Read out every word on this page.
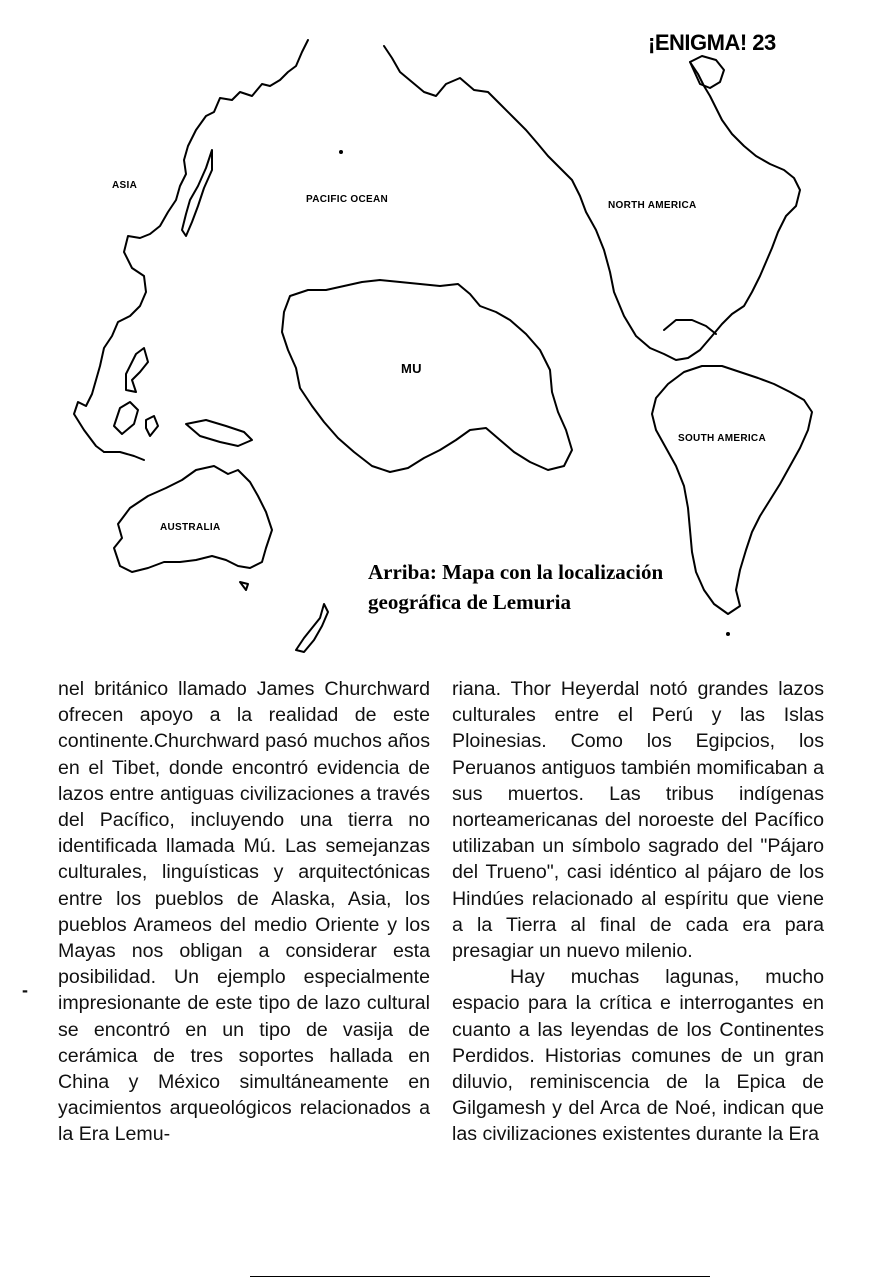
¡ENIGMA! 23
ASIA
PACIFIC OCEAN
NORTH AMERICA
MU
SOUTH AMERICA
AUSTRALIA
Arriba: Mapa con la localización geográfica de Lemuria
-

nel británico llamado James Churchward ofrecen apoyo a la realidad de este continente.Churchward pasó muchos años en el Tibet, donde encontró evidencia de lazos entre antiguas civilizaciones a través del Pacífico, incluyendo una tierra no identificada llamada Mú. Las semejanzas culturales, linguísticas y arquitectónicas entre los pueblos de Alaska, Asia, los pueblos Arameos del medio Oriente y los Mayas nos obligan a considerar esta posibilidad. Un ejemplo especialmente impresionante de este tipo de lazo cultural se encontró en un tipo de vasija de cerámica de tres soportes hallada en China y México simultáneamente en yacimientos arqueológicos relacionados a la Era Lemu-

riana. Thor Heyerdal notó grandes lazos culturales entre el Perú y las Islas Ploinesias. Como los Egipcios, los Peruanos antiguos también momificaban a sus muertos. Las tribus indígenas norteamericanas del noroeste del Pacífico utilizaban un símbolo sagrado del "Pájaro del Trueno", casi idéntico al pájaro de los Hindúes relacionado al espíritu que viene a la Tierra al final de cada era para presagiar un nuevo milenio.

Hay muchas lagunas, mucho espacio para la crítica e interrogantes en cuanto a las leyendas de los Continentes Perdidos. Historias comunes de un gran diluvio, reminiscencia de la Epica de Gilgamesh y del Arca de Noé, indican que las civilizaciones existentes durante la Era
